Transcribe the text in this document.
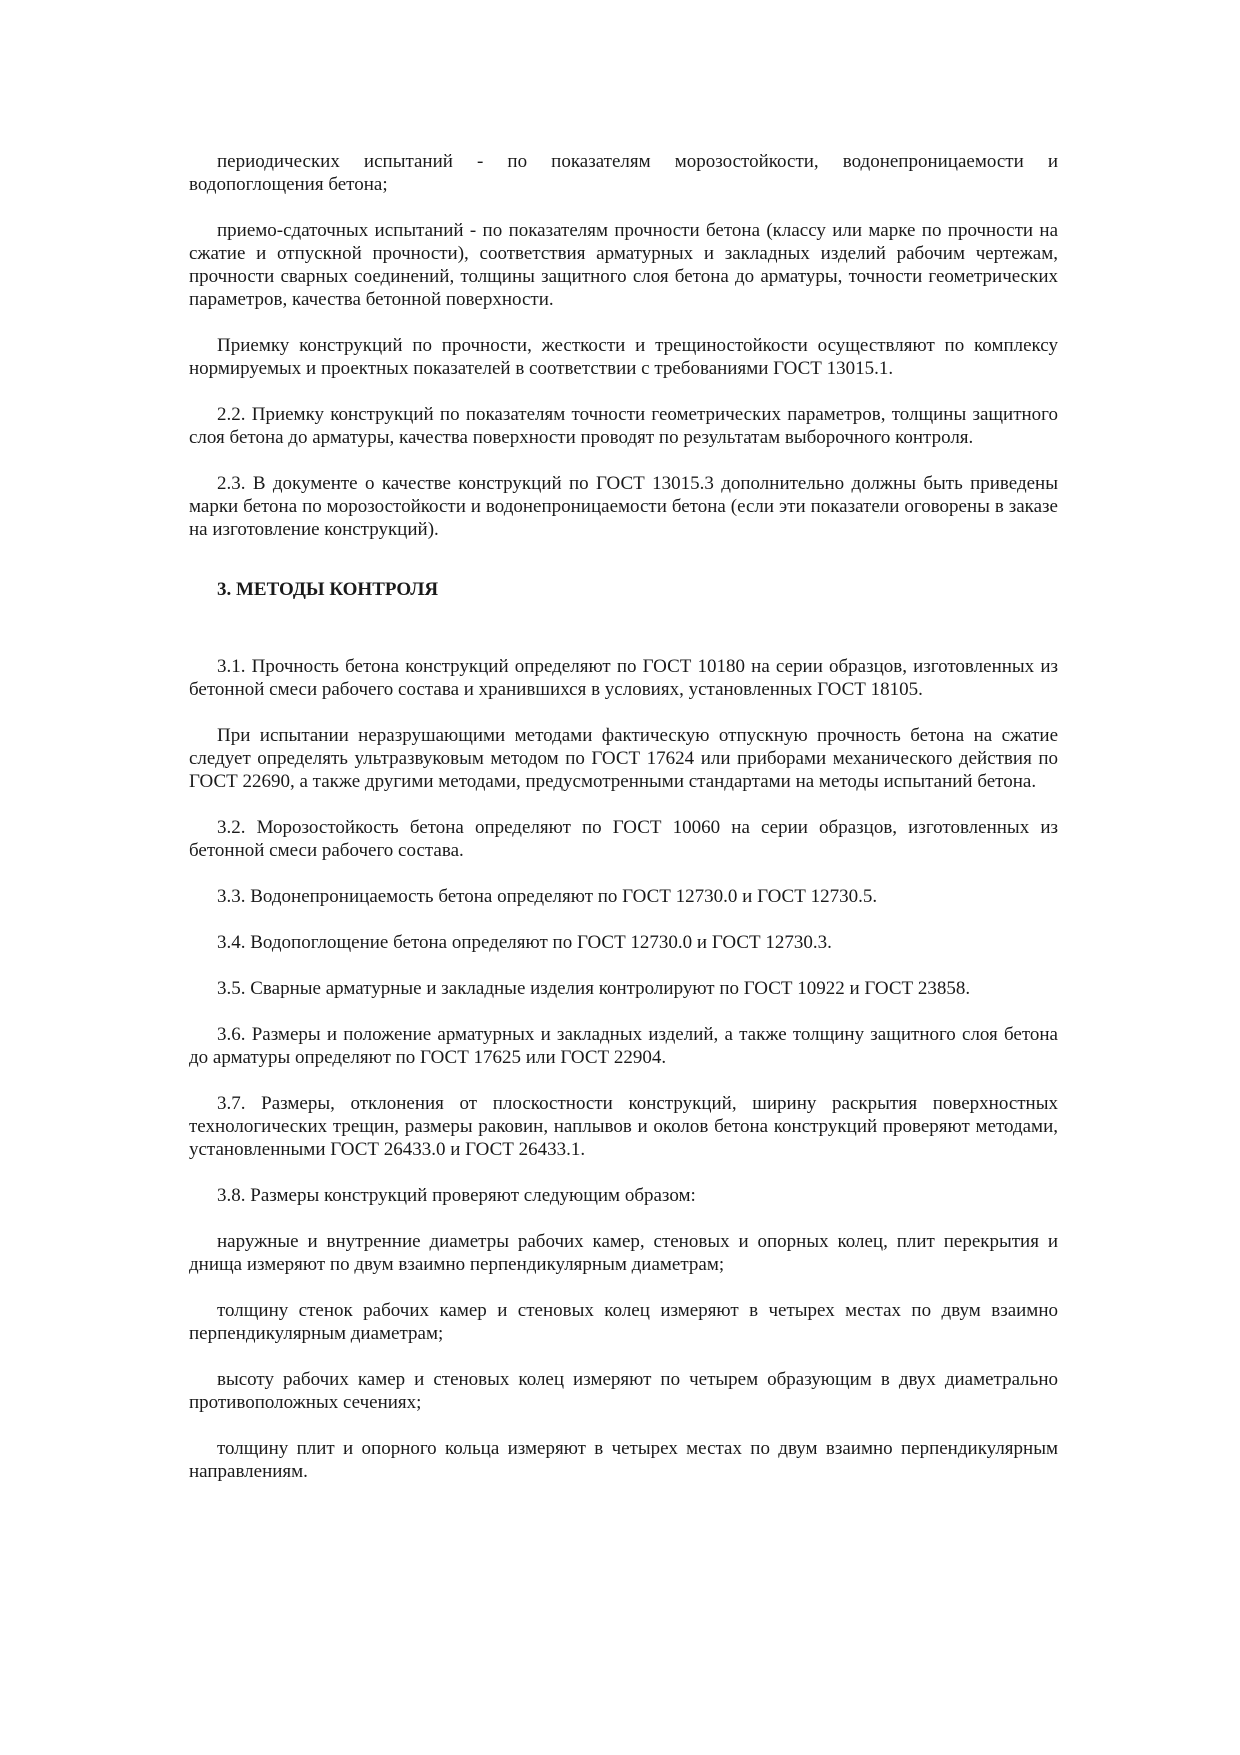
периодических испытаний - по показателям морозостойкости, водонепроницаемости и водопоглощения бетона;

приемо-сдаточных испытаний - по показателям прочности бетона (классу или марке по прочности на сжатие и отпускной прочности), соответствия арматурных и закладных изделий рабочим чертежам, прочности сварных соединений, толщины защитного слоя бетона до арматуры, точности геометрических параметров, качества бетонной поверхности.

Приемку конструкций по прочности, жесткости и трещиностойкости осуществляют по комплексу нормируемых и проектных показателей в соответствии с требованиями ГОСТ 13015.1.

2.2. Приемку конструкций по показателям точности геометрических параметров, толщины защитного слоя бетона до арматуры, качества поверхности проводят по результатам выборочного контроля.

2.3. В документе о качестве конструкций по ГОСТ 13015.3 дополнительно должны быть приведены марки бетона по морозостойкости и водонепроницаемости бетона (если эти показатели оговорены в заказе на изготовление конструкций).

3. МЕТОДЫ КОНТРОЛЯ

3.1. Прочность бетона конструкций определяют по ГОСТ 10180 на серии образцов, изготовленных из бетонной смеси рабочего состава и хранившихся в условиях, установленных ГОСТ 18105.

При испытании неразрушающими методами фактическую отпускную прочность бетона на сжатие следует определять ультразвуковым методом по ГОСТ 17624 или приборами механического действия по ГОСТ 22690, а также другими методами, предусмотренными стандартами на методы испытаний бетона.

3.2. Морозостойкость бетона определяют по ГОСТ 10060 на серии образцов, изготовленных из бетонной смеси рабочего состава.

3.3. Водонепроницаемость бетона определяют по ГОСТ 12730.0 и ГОСТ 12730.5.

3.4. Водопоглощение бетона определяют по ГОСТ 12730.0 и ГОСТ 12730.3.

3.5. Сварные арматурные и закладные изделия контролируют по ГОСТ 10922 и ГОСТ 23858.

3.6. Размеры и положение арматурных и закладных изделий, а также толщину защитного слоя бетона до арматуры определяют по ГОСТ 17625 или ГОСТ 22904.

3.7. Размеры, отклонения от плоскостности конструкций, ширину раскрытия поверхностных технологических трещин, размеры раковин, наплывов и околов бетона конструкций проверяют методами, установленными ГОСТ 26433.0 и ГОСТ 26433.1.

3.8. Размеры конструкций проверяют следующим образом:

наружные и внутренние диаметры рабочих камер, стеновых и опорных колец, плит перекрытия и днища измеряют по двум взаимно перпендикулярным диаметрам;

толщину стенок рабочих камер и стеновых колец измеряют в четырех местах по двум взаимно перпендикулярным диаметрам;

высоту рабочих камер и стеновых колец измеряют по четырем образующим в двух диаметрально противоположных сечениях;

толщину плит и опорного кольца измеряют в четырех местах по двум взаимно перпендикулярным направлениям.
